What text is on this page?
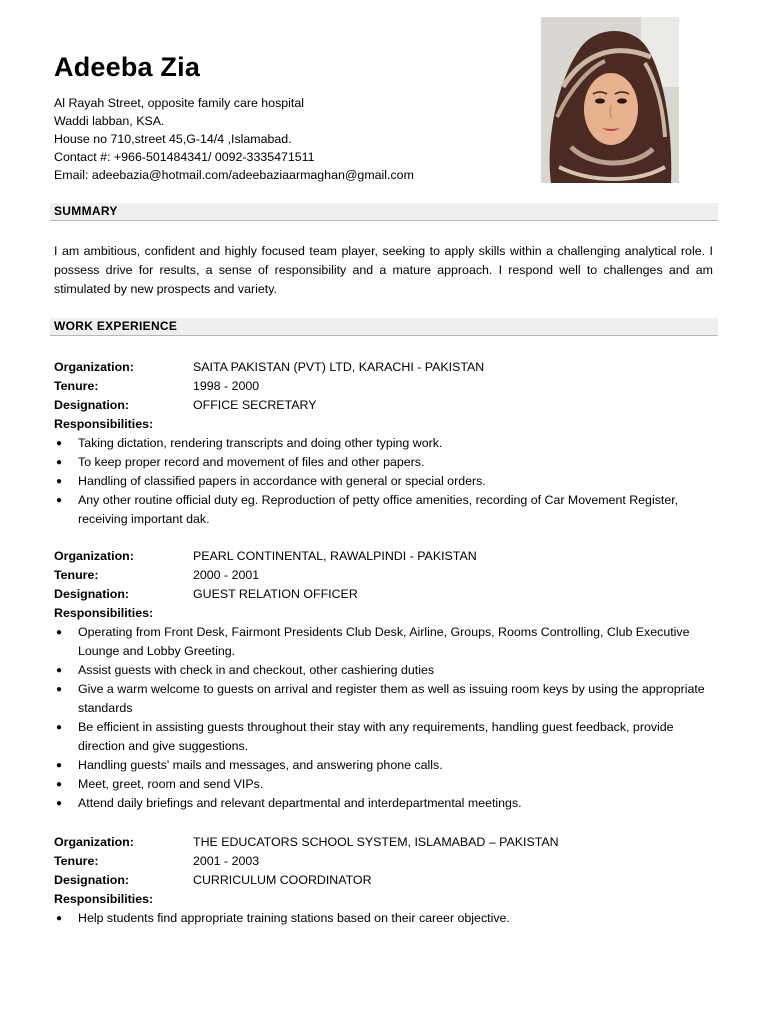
Adeeba Zia
Al Rayah Street, opposite family care hospital
Waddi labban, KSA.
House no 710,street 45,G-14/4 ,Islamabad.
Contact #: +966-501484341/ 0092-3335471511
Email: adeebazia@hotmail.com/adeebaziaarmaghan@gmail.com
SUMMARY

I am ambitious, confident and highly focused team player, seeking to apply skills within a challenging analytical role. I possess drive for results, a sense of responsibility and a mature approach. I respond well to challenges and am stimulated by new prospects and variety.

WORK EXPERIENCE
Organization:	SAITA PAKISTAN (PVT) LTD, KARACHI - PAKISTAN
Tenure:	1998 - 2000
Designation:	OFFICE SECRETARY
Responsibilities:
● Taking dictation, rendering transcripts and doing other typing work.
● To keep proper record and movement of files and other papers.
● Handling of classified papers in accordance with general or special orders.
● Any other routine official duty eg. Reproduction of petty office amenities, recording of Car Movement Register, receiving important dak.
Organization:	PEARL CONTINENTAL, RAWALPINDI - PAKISTAN
Tenure:	2000 - 2001
Designation:	GUEST RELATION OFFICER
Responsibilities:
● Operating from Front Desk, Fairmont Presidents Club Desk, Airline, Groups, Rooms Controlling, Club Executive Lounge and Lobby Greeting.
● Assist guests with check in and checkout, other cashiering duties
● Give a warm welcome to guests on arrival and register them as well as issuing room keys by using the appropriate standards
● Be efficient in assisting guests throughout their stay with any requirements, handling guest feedback, provide direction and give suggestions.
● Handling guests' mails and messages, and answering phone calls.
● Meet, greet, room and send VIPs.
● Attend daily briefings and relevant departmental and interdepartmental meetings.
Organization:	THE EDUCATORS SCHOOL SYSTEM, ISLAMABAD – PAKISTAN
Tenure:	2001 - 2003
Designation:	CURRICULUM COORDINATOR
Responsibilities:
● Help students find appropriate training stations based on their career objective.
